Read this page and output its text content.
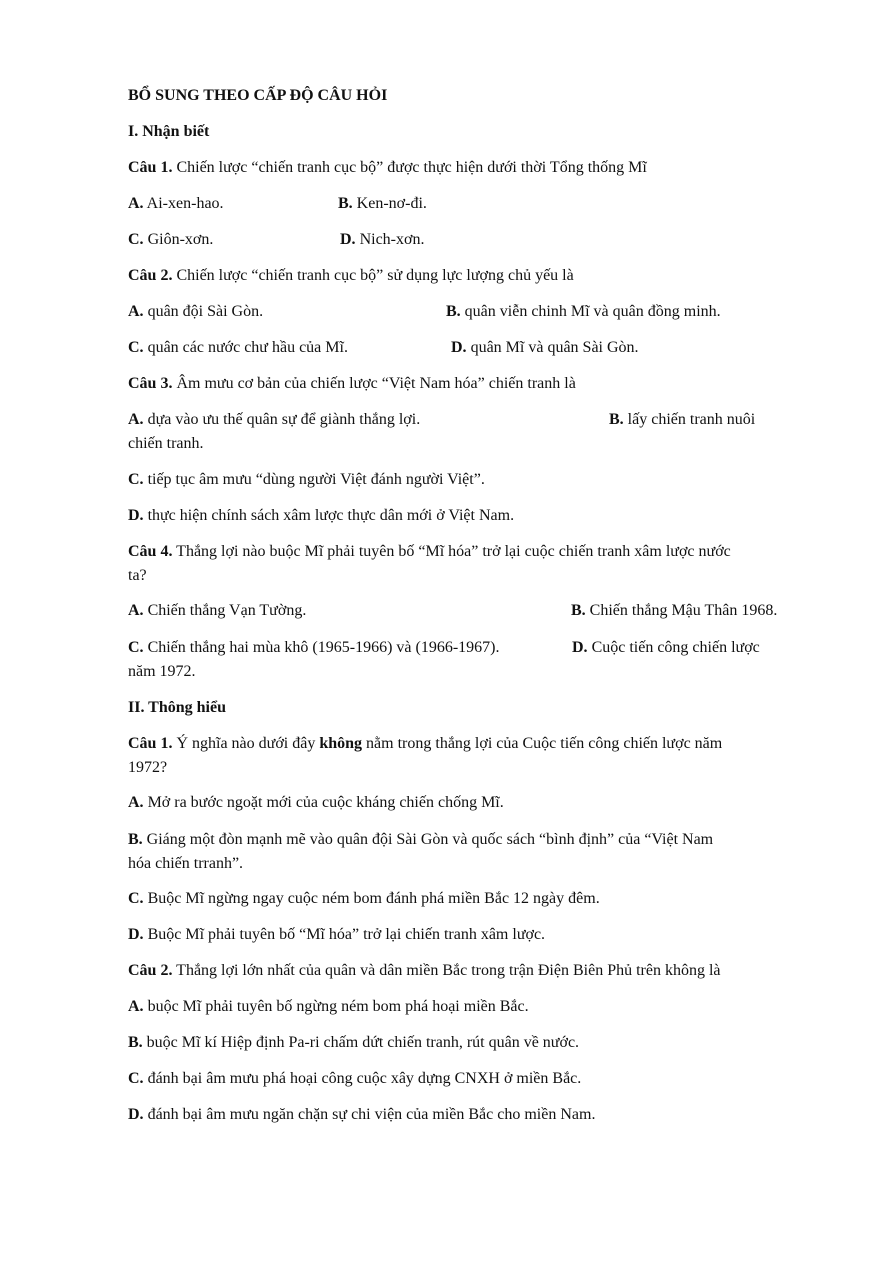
BỔ SUNG THEO CẤP ĐỘ CÂU HỎI
I. Nhận biết
Câu 1. Chiến lược “chiến tranh cục bộ” được thực hiện dưới thời Tổng thống Mĩ
A. Ai-xen-hao.	B. Ken-nơ-đi.
C. Giôn-xơn.	D. Nich-xơn.
Câu 2. Chiến lược “chiến tranh cục bộ” sử dụng lực lượng chủ yếu là
A. quân đội Sài Gòn.	B. quân viễn chinh Mĩ và quân đồng minh.
C. quân các nước chư hầu của Mĩ.	D. quân Mĩ và quân Sài Gòn.
Câu 3. Âm mưu cơ bản của chiến lược “Việt Nam hóa” chiến tranh là
A. dựa vào ưu thế quân sự để giành thắng lợi.	B. lấy chiến tranh nuôi
chiến tranh.
C. tiếp tục âm mưu “dùng người Việt đánh người Việt”.
D. thực hiện chính sách xâm lược thực dân mới ở Việt Nam.
Câu 4. Thắng lợi nào buộc Mĩ phải tuyên bố “Mĩ hóa” trở lại cuộc chiến tranh xâm lược nước
ta?
A. Chiến thắng Vạn Tường.	B. Chiến thắng Mậu Thân 1968.
C. Chiến thắng hai mùa khô (1965-1966) và (1966-1967).	D. Cuộc tiến công chiến lược
năm 1972.
II. Thông hiểu
Câu 1. Ý nghĩa nào dưới đây không nằm trong thắng lợi của Cuộc tiến công chiến lược năm
1972?
A. Mở ra bước ngoặt mới của cuộc kháng chiến chống Mĩ.
B. Giáng một đòn mạnh mẽ vào quân đội Sài Gòn và quốc sách “bình định” của “Việt Nam
hóa chiến trranh”.
C. Buộc Mĩ ngừng ngay cuộc ném bom đánh phá miền Bắc 12 ngày đêm.
D. Buộc Mĩ phải tuyên bố “Mĩ hóa” trở lại chiến tranh xâm lược.
Câu 2. Thắng lợi lớn nhất của quân và dân miền Bắc trong trận Điện Biên Phủ trên không là
A. buộc Mĩ phải tuyên bố ngừng ném bom phá hoại miền Bắc.
B. buộc Mĩ kí Hiệp định Pa-ri chấm dứt chiến tranh, rút quân về nước.
C. đánh bại âm mưu phá hoại công cuộc xây dựng CNXH ở miền Bắc.
D. đánh bại âm mưu ngăn chặn sự chi viện của miền Bắc cho miền Nam.
